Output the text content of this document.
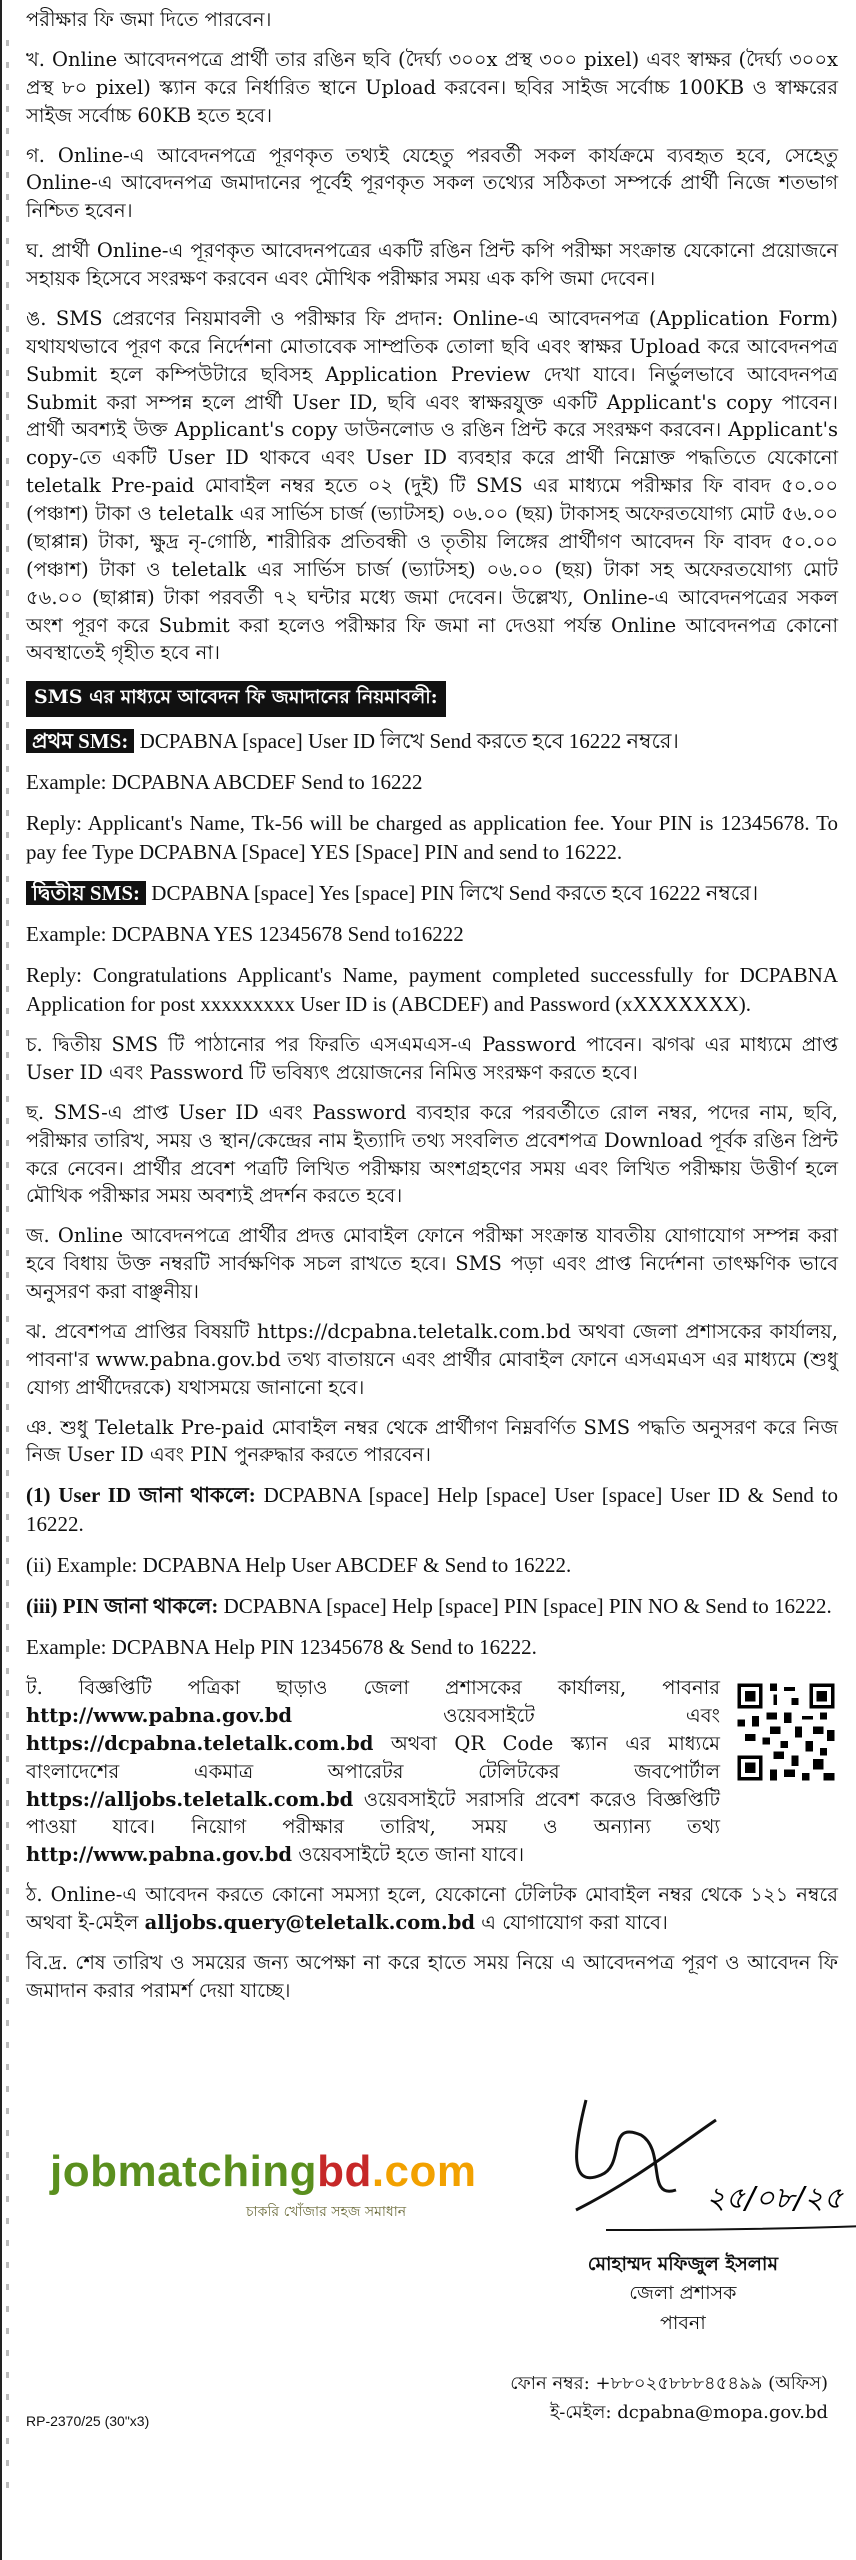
পরীক্ষার ফি জমা দিতে পারবেন।

খ. Online আবেদনপত্রে প্রার্থী তার রঙিন ছবি (দৈর্ঘ্য ৩০০x প্রস্থ ৩০০ pixel) এবং স্বাক্ষর (দৈর্ঘ্য ৩০০x প্রস্থ ৮০ pixel) স্ক্যান করে নির্ধারিত স্থানে Upload করবেন। ছবির সাইজ সর্বোচ্চ 100KB ও স্বাক্ষরের সাইজ সর্বোচ্চ 60KB হতে হবে।

গ. Online-এ আবেদনপত্রে পূরণকৃত তথ্যই যেহেতু পরবর্তী সকল কার্যক্রমে ব্যবহৃত হবে, সেহেতু Online-এ আবেদনপত্র জমাদানের পূর্বেই পূরণকৃত সকল তথ্যের সঠিকতা সম্পর্কে প্রার্থী নিজে শতভাগ নিশ্চিত হবেন।

ঘ. প্রার্থী Online-এ পূরণকৃত আবেদনপত্রের একটি রঙিন প্রিন্ট কপি পরীক্ষা সংক্রান্ত যেকোনো প্রয়োজনে সহায়ক হিসেবে সংরক্ষণ করবেন এবং মৌখিক পরীক্ষার সময় এক কপি জমা দেবেন।

ঙ. SMS প্রেরণের নিয়মাবলী ও পরীক্ষার ফি প্রদান: Online-এ আবেদনপত্র (Application Form) যথাযথভাবে পূরণ করে নির্দেশনা মোতাবেক সাম্প্রতিক তোলা ছবি এবং স্বাক্ষর Upload করে আবেদনপত্র Submit হলে কম্পিউটারে ছবিসহ Application Preview দেখা যাবে। নির্ভুলভাবে আবেদনপত্র Submit করা সম্পন্ন হলে প্রার্থী User ID, ছবি এবং স্বাক্ষরযুক্ত একটি Applicant's copy পাবেন। প্রার্থী অবশ্যই উক্ত Applicant's copy ডাউনলোড ও রঙিন প্রিন্ট করে সংরক্ষণ করবেন। Applicant's copy-তে একটি User ID থাকবে এবং User ID ব্যবহার করে প্রার্থী নিম্নোক্ত পদ্ধতিতে যেকোনো teletalk Pre-paid মোবাইল নম্বর হতে ০২ (দুই) টি SMS এর মাধ্যমে পরীক্ষার ফি বাবদ ৫০.০০ (পঞ্চাশ) টাকা ও teletalk এর সার্ভিস চার্জ (ভ্যাটসহ) ০৬.০০ (ছয়) টাকাসহ অফেরতযোগ্য মোট ৫৬.০০ (ছাপ্পান্ন) টাকা, ক্ষুদ্র নৃ-গোষ্ঠি, শারীরিক প্রতিবন্ধী ও তৃতীয় লিঙ্গের প্রার্থীগণ আবেদন ফি বাবদ ৫০.০০ (পঞ্চাশ) টাকা ও teletalk এর সার্ভিস চার্জ (ভ্যাটসহ) ০৬.০০ (ছয়) টাকা সহ অফেরতযোগ্য মোট ৫৬.০০ (ছাপ্পান্ন) টাকা পরবর্তী ৭২ ঘন্টার মধ্যে জমা দেবেন। উল্লেখ্য, Online-এ আবেদনপত্রের সকল অংশ পূরণ করে Submit করা হলেও পরীক্ষার ফি জমা না দেওয়া পর্যন্ত Online আবেদনপত্র কোনো অবস্থাতেই গৃহীত হবে না।

SMS এর মাধ্যমে আবেদন ফি জমাদানের নিয়মাবলী:

প্রথম SMS: DCPABNA [space] User ID লিখে Send করতে হবে 16222 নম্বরে।

Example: DCPABNA ABCDEF Send to 16222

Reply: Applicant's Name, Tk-56 will be charged as application fee. Your PIN is 12345678. To pay fee Type DCPABNA [Space] YES [Space] PIN and send to 16222.

দ্বিতীয় SMS: DCPABNA [space] Yes [space] PIN লিখে Send করতে হবে 16222 নম্বরে।

Example: DCPABNA YES 12345678 Send to16222

Reply: Congratulations Applicant's Name, payment completed successfully for DCPABNA Application for post xxxxxxxxx User ID is (ABCDEF) and Password (xXXXXXXX).

চ. দ্বিতীয় SMS টি পাঠানোর পর ফিরতি এসএমএস-এ Password পাবেন। ঝগঝ এর মাধ্যমে প্রাপ্ত User ID এবং Password টি ভবিষ্যৎ প্রয়োজনের নিমিত্ত সংরক্ষণ করতে হবে।

ছ. SMS-এ প্রাপ্ত User ID এবং Password ব্যবহার করে পরবর্তীতে রোল নম্বর, পদের নাম, ছবি, পরীক্ষার তারিখ, সময় ও স্থান/কেন্দ্রের নাম ইত্যাদি তথ্য সংবলিত প্রবেশপত্র Download পূর্বক রঙিন প্রিন্ট করে নেবেন। প্রার্থীর প্রবেশ পত্রটি লিখিত পরীক্ষায় অংশগ্রহণের সময় এবং লিখিত পরীক্ষায় উত্তীর্ণ হলে মৌখিক পরীক্ষার সময় অবশ্যই প্রদর্শন করতে হবে।

জ. Online আবেদনপত্রে প্রার্থীর প্রদত্ত মোবাইল ফোনে পরীক্ষা সংক্রান্ত যাবতীয় যোগাযোগ সম্পন্ন করা হবে বিধায় উক্ত নম্বরটি সার্বক্ষণিক সচল রাখতে হবে। SMS পড়া এবং প্রাপ্ত নির্দেশনা তাৎক্ষণিক ভাবে অনুসরণ করা বাঞ্ছনীয়।

ঝ. প্রবেশপত্র প্রাপ্তির বিষয়টি https://dcpabna.teletalk.com.bd অথবা জেলা প্রশাসকের কার্যালয়, পাবনা'র www.pabna.gov.bd তথ্য বাতায়নে এবং প্রার্থীর মোবাইল ফোনে এসএমএস এর মাধ্যমে (শুধু যোগ্য প্রার্থীদেরকে) যথাসময়ে জানানো হবে।

ঞ. শুধু Teletalk Pre-paid মোবাইল নম্বর থেকে প্রার্থীগণ নিম্নবর্ণিত SMS পদ্ধতি অনুসরণ করে নিজ নিজ User ID এবং PIN পুনরুদ্ধার করতে পারবেন।

(1) User ID জানা থাকলে: DCPABNA [space] Help [space] User [space] User ID & Send to 16222.

(ii) Example: DCPABNA Help User ABCDEF & Send to 16222.

(iii) PIN জানা থাকলে: DCPABNA [space] Help [space] PIN [space] PIN NO & Send to 16222.

Example: DCPABNA Help PIN 12345678 & Send to 16222.

ট. বিজ্ঞপ্তিটি পত্রিকা ছাড়াও জেলা প্রশাসকের কার্যালয়, পাবনার http://www.pabna.gov.bd ওয়েবসাইটে এবং https://dcpabna.teletalk.com.bd অথবা QR Code স্ক্যান এর মাধ্যমে বাংলাদেশের একমাত্র অপারেটর টেলিটকের জবপোর্টাল https://alljobs.teletalk.com.bd ওয়েবসাইটে সরাসরি প্রবেশ করেও বিজ্ঞপ্তিটি পাওয়া যাবে। নিয়োগ পরীক্ষার তারিখ, সময় ও অন্যান্য তথ্য http://www.pabna.gov.bd ওয়েবসাইটে হতে জানা যাবে।

ঠ. Online-এ আবেদন করতে কোনো সমস্যা হলে, যেকোনো টেলিটক মোবাইল নম্বর থেকে ১২১ নম্বরে অথবা ই-মেইল alljobs.query@teletalk.com.bd এ যোগাযোগ করা যাবে।

বি.দ্র. শেষ তারিখ ও সময়ের জন্য অপেক্ষা না করে হাতে সময় নিয়ে এ আবেদনপত্র পূরণ ও আবেদন ফি জমাদান করার পরামর্শ দেয়া যাচ্ছে।

jobmatchingbd.com
চাকরি খোঁজার সহজ সমাধান	২৫/০৮/২৫
মোহাম্মদ মফিজুল ইসলাম
জেলা প্রশাসক
পাবনা
ফোন নম্বর: +৮৮০২৫৮৮৮৪৫৪৯৯ (অফিস)
ই-মেইল: dcpabna@mopa.gov.bd
RP-2370/25 (30"x3)
